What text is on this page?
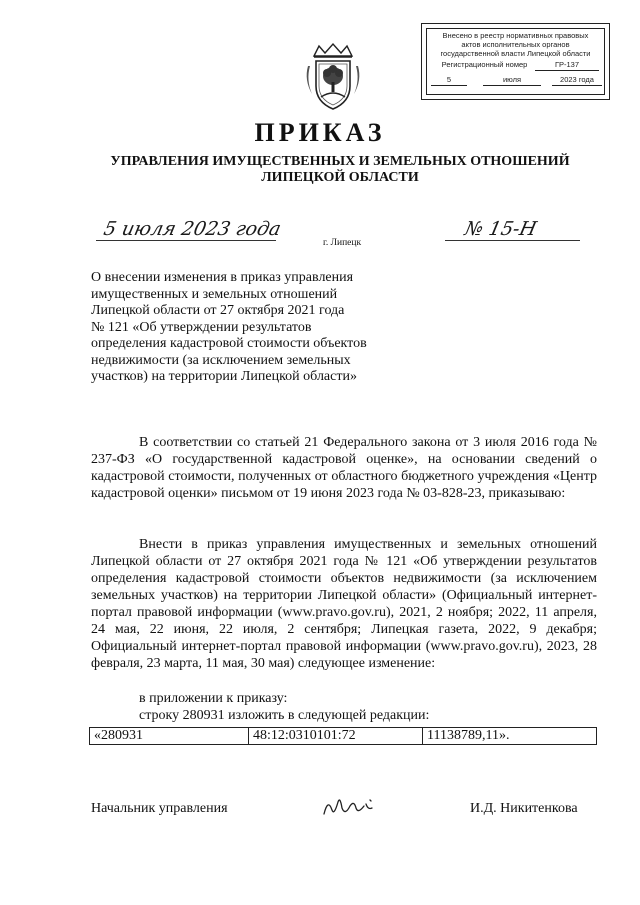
Внесено в реестр нормативных правовых
актов исполнительных органов
государственной власти Липецкой области
Регистрационный номер	ГР-137
5	июля	2023 года
ПРИКАЗ
УПРАВЛЕНИЯ ИМУЩЕСТВЕННЫХ И ЗЕМЕЛЬНЫХ ОТНОШЕНИЙ
ЛИПЕЦКОЙ ОБЛАСТИ
5 июля 2023 года	№ 15-Н
г. Липецк
О внесении изменения в приказ управления
имущественных и земельных отношений
Липецкой области от 27 октября 2021 года
№ 121 «Об утверждении результатов
определения кадастровой стоимости объектов
недвижимости (за исключением земельных
участков) на территории Липецкой области»
В соответствии со статьей 21 Федерального закона от 3 июля 2016 года № 237-ФЗ «О государственной кадастровой оценке», на основании сведений о кадастровой стоимости, полученных от областного бюджетного учреждения «Центр кадастровой оценки» письмом от 19 июня 2023 года № 03-828-23, приказываю:
Внести в приказ управления имущественных и земельных отношений Липецкой области от 27 октября 2021 года № 121 «Об утверждении результатов определения кадастровой стоимости объектов недвижимости (за исключением земельных участков) на территории Липецкой области» (Официальный интернет-портал правовой информации (www.pravo.gov.ru), 2021, 2 ноября; 2022, 11 апреля, 24 мая, 22 июня, 22 июля, 2 сентября; Липецкая газета, 2022, 9 декабря; Официальный интернет-портал правовой информации (www.pravo.gov.ru), 2023, 28 февраля, 23 марта, 11 мая, 30 мая) следующее изменение:
в приложении к приказу:
строку 280931 изложить в следующей редакции:
«280931	48:12:0310101:72	11138789,11».
Начальник управления	И.Д. Никитенкова
